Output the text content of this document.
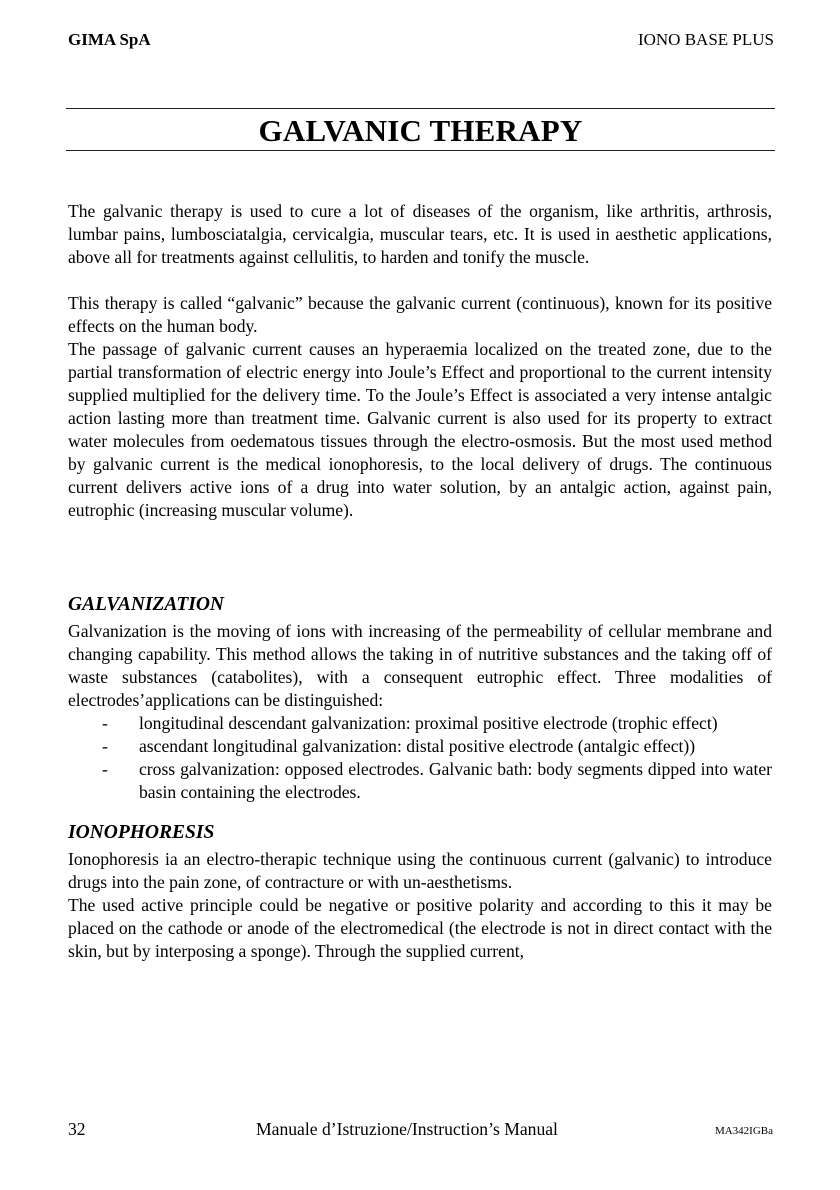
GIMA SpA	IONO BASE PLUS
GALVANIC THERAPY

The galvanic therapy is used to cure a lot of diseases of the organism, like arthritis, arthrosis, lumbar pains, lumbosciatalgia, cervicalgia, muscular tears, etc. It is used in aesthetic applications, above all for treatments against cellulitis, to harden and tonify the muscle.

This therapy is called “galvanic” because the galvanic current (continuous), known for its positive effects on the human body.

The passage of galvanic current causes an hyperaemia localized on the treated zone, due to the partial transformation of electric energy into Joule’s Effect and proportional to the current intensity supplied multiplied for the delivery time. To the Joule’s Effect is associated a very intense antalgic action lasting more than treatment time. Galvanic current is also used for its property to extract water molecules from oedematous tissues through the electro-osmosis. But the most used method by galvanic current is the medical ionophoresis, to the local delivery of drugs. The continuous current delivers active ions of a drug into water solution, by an antalgic action, against pain, eutrophic (increasing muscular volume).

GALVANIZATION

Galvanization is the moving of ions with increasing of the permeability of cellular membrane and changing capability. This method allows the taking in of nutritive substances and the taking off of waste substances (catabolites), with a consequent eutrophic effect. Three modalities of electrodes’applications can be distinguished:

- longitudinal descendant galvanization: proximal positive electrode (trophic effect)
- ascendant longitudinal galvanization: distal positive electrode (antalgic effect))
- cross galvanization: opposed electrodes. Galvanic bath: body segments dipped into water basin containing the electrodes.
IONOPHORESIS

Ionophoresis ia an electro-therapic technique using the continuous current (galvanic) to introduce drugs into the pain zone, of contracture or with un-aesthetisms.

The used active principle could be negative or positive polarity and according to this it may be placed on the cathode or anode of the electromedical (the electrode is not in direct contact with the skin, but by interposing a sponge). Through the supplied current,

32	Manuale d’Istruzione/Instruction’s Manual	MA342IGBa
